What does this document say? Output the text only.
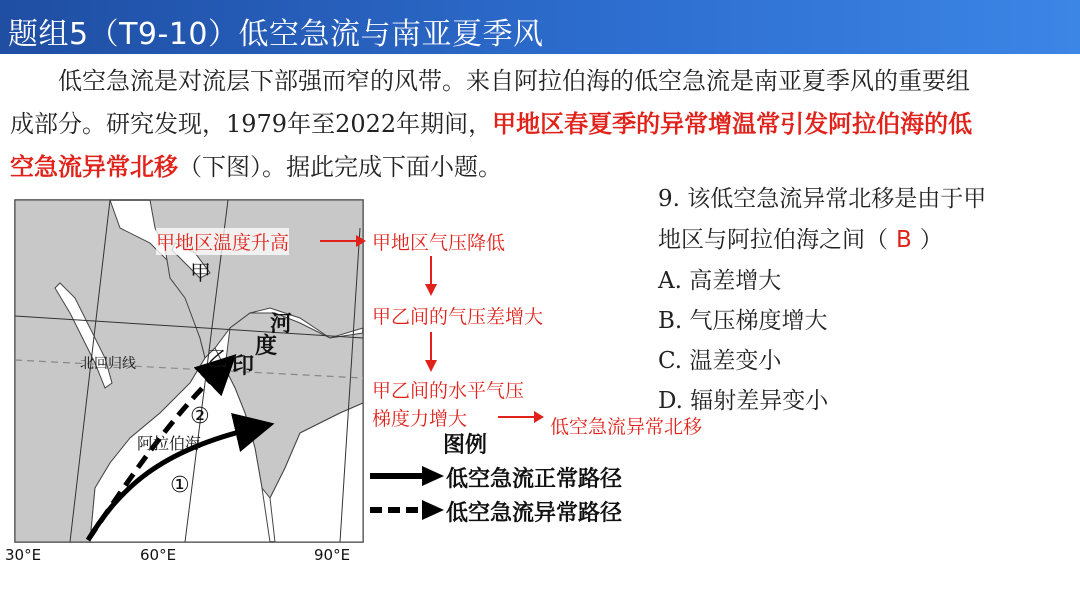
题组5（T9-10）低空急流与南亚夏季风
　　低空急流是对流层下部强而窄的风带。来自阿拉伯海的低空急流是南亚夏季风的重要组
成部分。研究发现，1979年至2022年期间，甲地区春夏季的异常增温常引发阿拉伯海的低
空急流异常北移（下图）。据此完成下面小题。
甲
乙 印
度
河
北回归线
阿拉伯海
①
②
30°E	60°E	90°E
甲地区温度升高	甲地区气压降低
甲乙间的气压差增大
甲乙间的水平气压
梯度力增大	低空急流异常北移
图例
低空急流正常路径
低空急流异常路径
9. 该低空急流异常北移是由于甲
地区与阿拉伯海之间（ B ）
A. 高差增大
B. 气压梯度增大
C. 温差变小
D. 辐射差异变小
